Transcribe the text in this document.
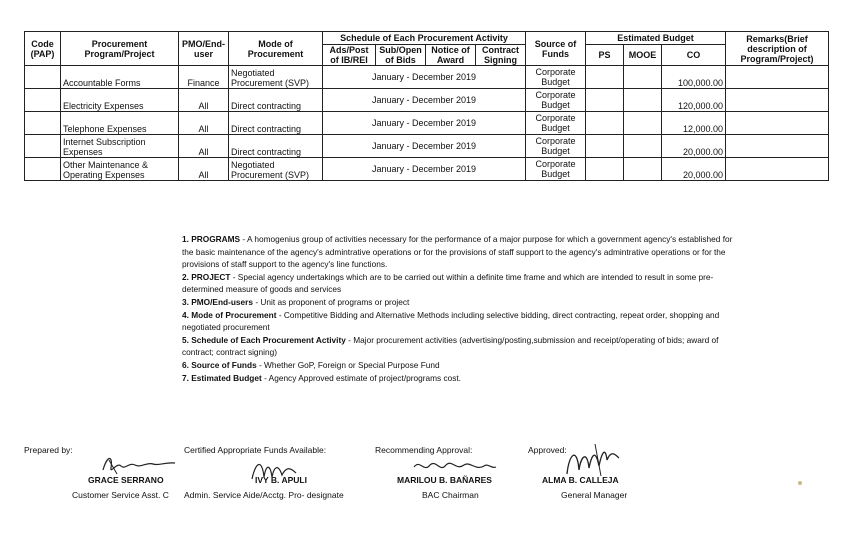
Code (PAP)	Procurement Program/Project	PMO/End-user	Mode of Procurement	Schedule of Each Procurement Activity				Source of Funds	Estimated Budget			Remarks(Brief description of Program/Project)
				Ads/Post of IB/REI	Sub/Open of Bids	Notice of Award	Contract Signing					
									PS	MOOE	CO	
	Accountable Forms	Finance	Negotiated Procurement (SVP)	January - December 2019				Corporate Budget			100,000.00	
	Electricity Expenses	All	Direct contracting	January - December 2019				Corporate Budget			120,000.00	
	Telephone Expenses	All	Direct contracting	January - December 2019				Corporate Budget			12,000.00	
	Internet Subscription Expenses	All	Direct contracting	January - December 2019				Corporate Budget			20,000.00	
	Other Maintenance & Operating Expenses	All	Negotiated Procurement (SVP)	January - December 2019				Corporate Budget			20,000.00	

1. PROGRAMS - A homogenius group of activities necessary for the performance of a major purpose for which a government agency's established for the basic maintenance of the agency's admintrative operations or for the provisions of staff support to the agency's admintrative operations or for the provisions of staff support to the agency's line functions.

2. PROJECT - Special agency undertakings which are to be carried out within a definite time frame and which are intended to result in some pre-determined measure of goods and services

3. PMO/End-users - Unit as proponent of programs or project

4. Mode of Procurement - Competitive Bidding and Alternative Methods including selective bidding, direct contracting, repeat order, shopping and negotiated procurement

5. Schedule of Each Procurement Activity - Major procurement activities (advertising/posting,submission and receipt/operating of bids; award of contract; contract signing)

6. Source of Funds - Whether GoP, Foreign or Special Purpose Fund

7. Estimated Budget - Agency Approved estimate of project/programs cost.

Prepared by:
GRACE SERRANO
Customer Service Asst. C
Certified Appropriate Funds Available:
IVY B. APULI
Admin. Service Aide/Acctg. Pro- designate
Recommending Approval:
MARILOU B. BAÑARES
BAC Chairman
Approved:
ALMA B. CALLEJA
General Manager
